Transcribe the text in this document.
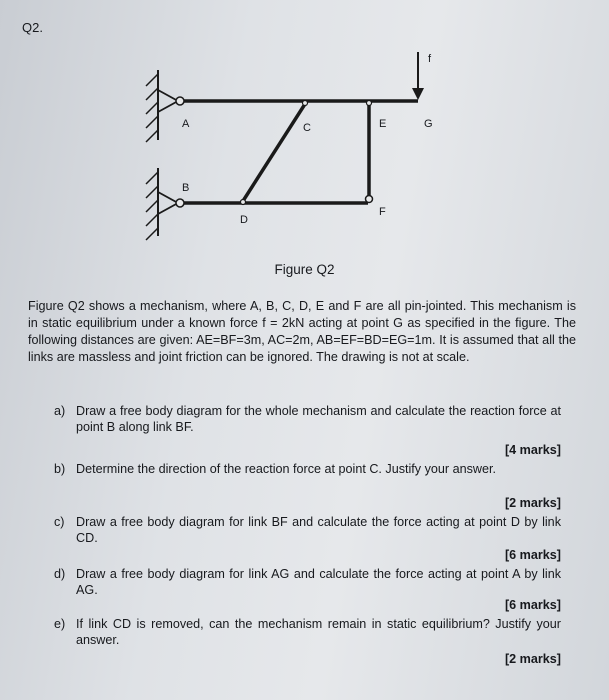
Q2.
f
A	C	E	G
B
D
F
Figure Q2
Figure Q2 shows a mechanism, where A, B, C, D, E and F are all pin-jointed. This mechanism is in static equilibrium under a known force f = 2kN acting at point G as specified in the figure. The following distances are given: AE=BF=3m, AC=2m, AB=EF=BD=EG=1m. It is assumed that all the links are massless and joint friction can be ignored. The drawing is not at scale.
a) Draw a free body diagram for the whole mechanism and calculate the reaction force at point B along link BF.
[4 marks]
b) Determine the direction of the reaction force at point C. Justify your answer.
[2 marks]
c) Draw a free body diagram for link BF and calculate the force acting at point D by link CD.
[6 marks]
d) Draw a free body diagram for link AG and calculate the force acting at point A by link AG.
[6 marks]
e) If link CD is removed, can the mechanism remain in static equilibrium? Justify your answer.
[2 marks]
